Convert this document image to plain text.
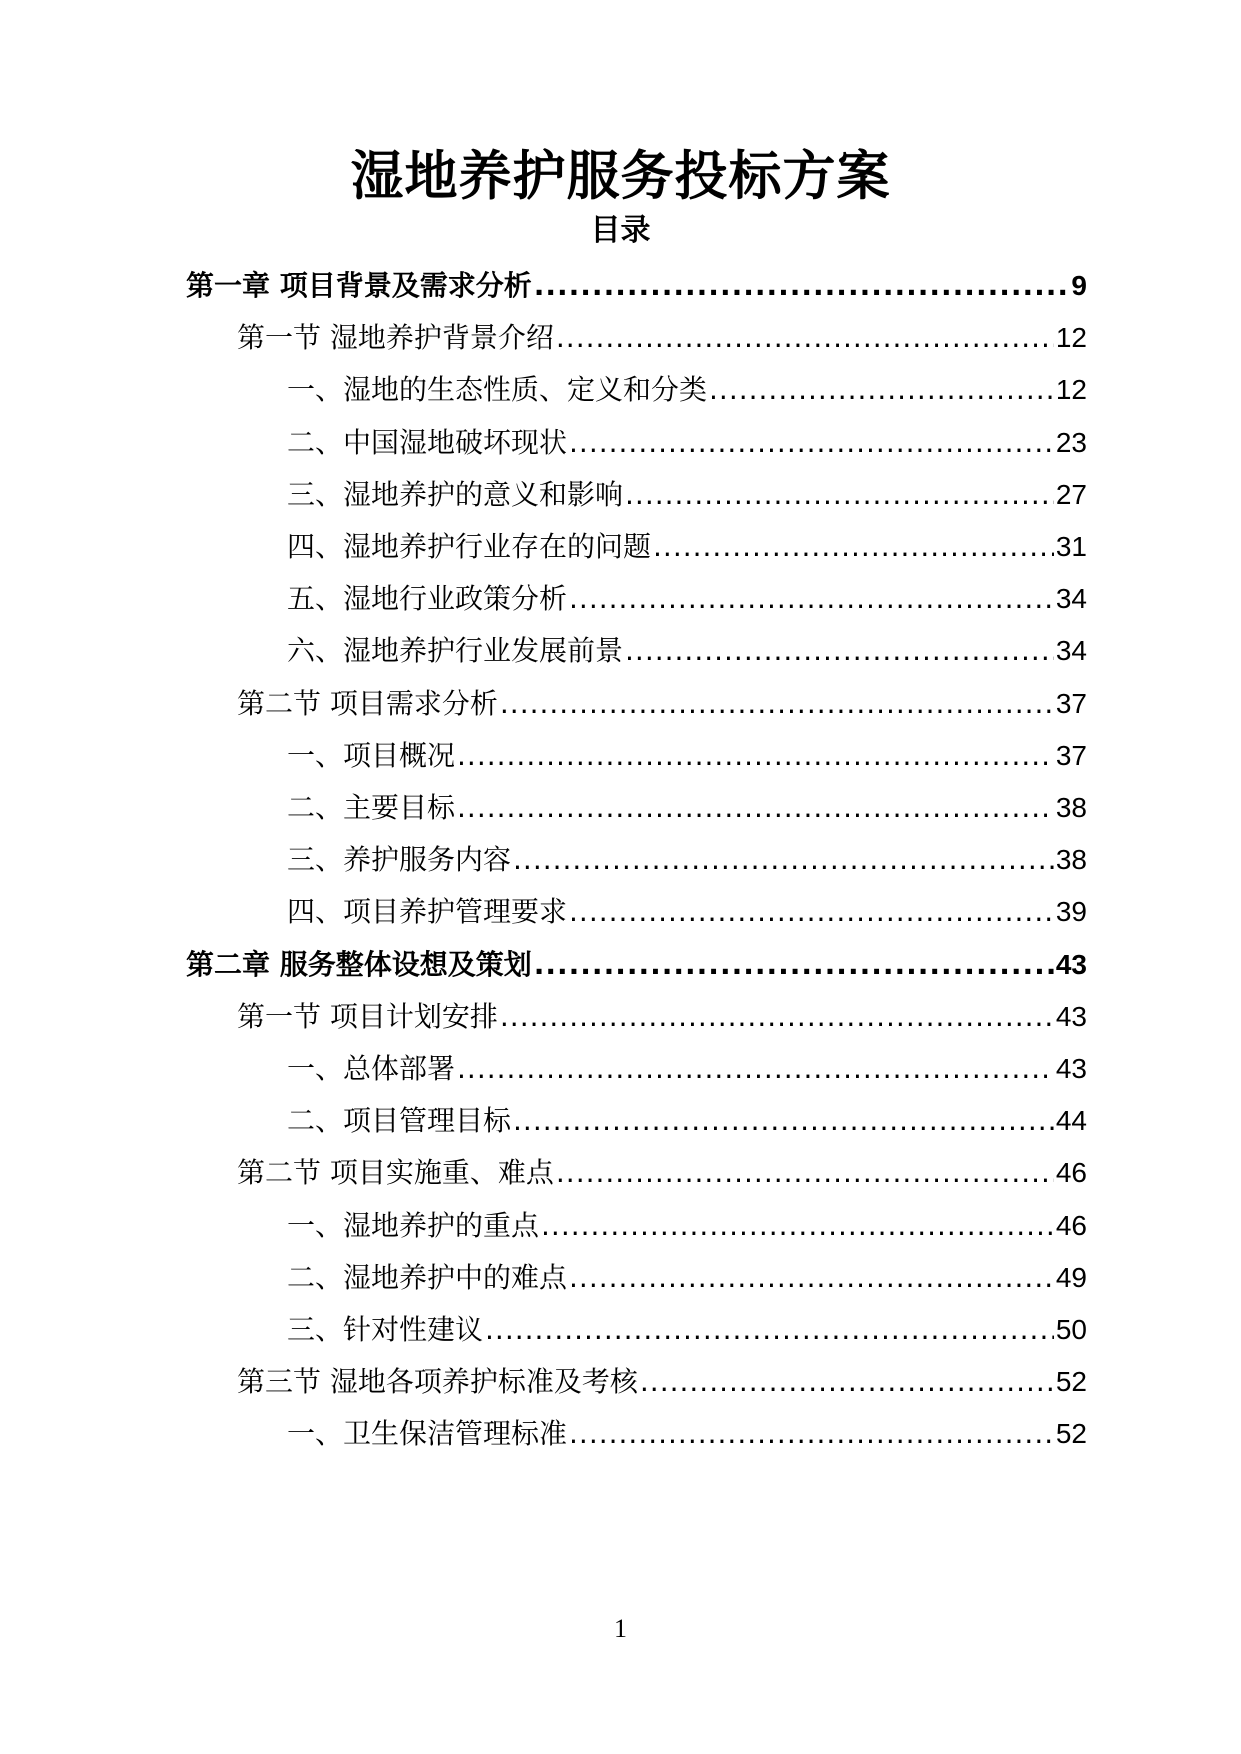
湿地养护服务投标方案
目录
第一章 项目背景及需求分析 .....	9
第一节 湿地养护背景介绍 .....	12
一、湿地的生态性质、定义和分类 .....	12
二、中国湿地破坏现状 .....	23
三、湿地养护的意义和影响 .....	27
四、湿地养护行业存在的问题 .....	31
五、湿地行业政策分析 .....	34
六、湿地养护行业发展前景 .....	34
第二节 项目需求分析 .....	37
一、项目概况 .....	37
二、主要目标 .....	38
三、养护服务内容 .....	38
四、项目养护管理要求 .....	39
第二章 服务整体设想及策划 .....	43
第一节 项目计划安排 .....	43
一、总体部署 .....	43
二、项目管理目标 .....	44
第二节 项目实施重、难点 .....	46
一、湿地养护的重点 .....	46
二、湿地养护中的难点 .....	49
三、针对性建议 .....	50
第三节 湿地各项养护标准及考核 .....	52
一、卫生保洁管理标准 .....	52
1
